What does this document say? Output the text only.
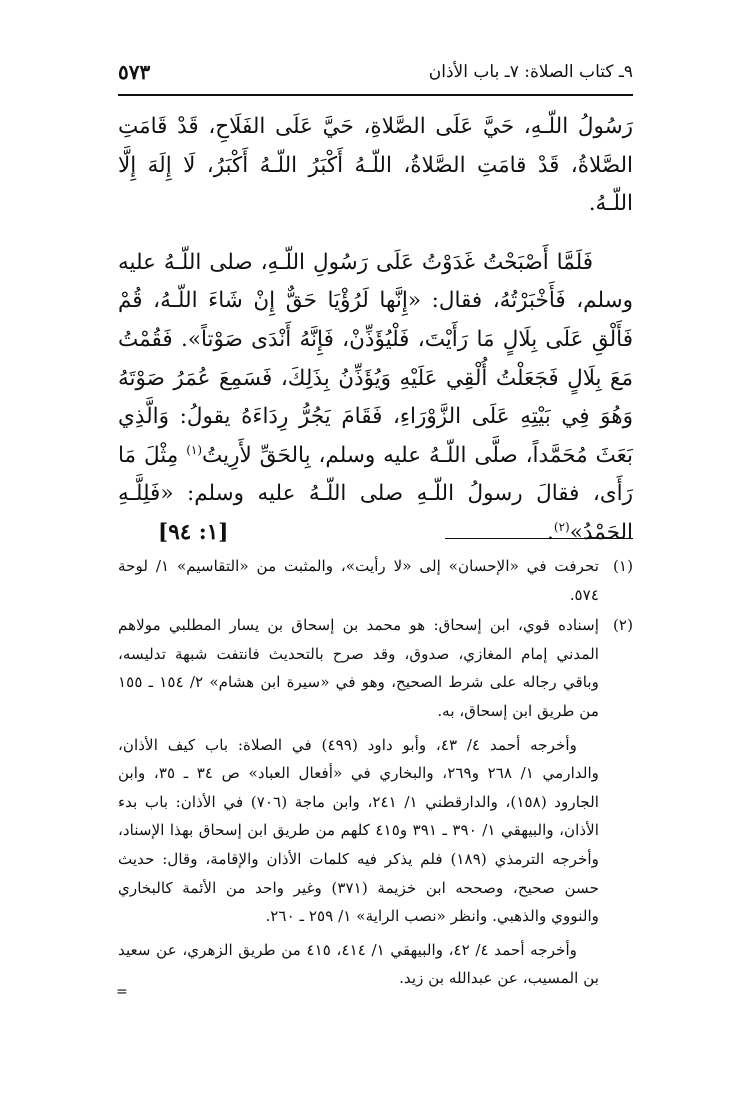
٩ـ كتاب الصلاة: ٧ـ باب الأذان
٥٧٣

رَسُولُ اللّـهِ، حَيَّ عَلَى الصَّلاةِ، حَيَّ عَلَى الفَلَاحِ، قَدْ قَامَتِ الصَّلاةُ، قَدْ قامَتِ الصَّلاةُ، اللّـهُ أَكْبَرُ اللّـهُ أَكْبَرُ، لَا إِلَهَ إِلَّا اللّـهُ.

فَلَمَّا أَصْبَحْتُ غَدَوْتُ عَلَى رَسُولِ اللّـهِ، صلى اللّـهُ عليه وسلم، فَأَخْبَرْتُهُ، فقال: «إِنَّها لَرُؤْيَا حَقٌّ إِنْ شَاءَ اللّـهُ، قُمْ فَأَلْقِ عَلَى بِلَالٍ مَا رَأَيْتَ، فَلْيُؤَذِّنْ، فَإِنَّهُ أَنْدَى صَوْتاً». فَقُمْتُ مَعَ بِلَالٍ فَجَعَلْتُ أُلْقِي عَلَيْهِ وَيُؤَذِّنُ بِذَلِكَ، فَسَمِعَ عُمَرُ صَوْتَهُ وَهُوَ فِي بَيْتِهِ عَلَى الزَّوْرَاءِ، فَقَامَ يَجُرُّ رِدَاءَهُ يقولُ: وَالَّذِي بَعَثَ مُحَمَّداً، صلَّى اللّـهُ عليه وسلم، بِالحَقِّ لأَرِيتُ$^{(١)}$ مِثْلَ مَا رَأَى، فقالَ رسولُ اللّـهِ صلى اللّـهُ عليه وسلم: «فَلِلَّـهِ الحَمْدُ»$^{(٢)}$.
[١: ٩٤]

(١)

تحرفت في «الإحسان» إلى «لا رأيت»، والمثبت من «التقاسيم» ١/ لوحة ٥٧٤.

(٢)

إسناده قوي، ابن إسحاق: هو محمد بن إسحاق بن يسار المطلبي مولاهم المدني إمام المغازي، صدوق، وقد صرح بالتحديث فانتفت شبهة تدليسه، وباقي رجاله على شرط الصحيح، وهو في «سيرة ابن هشام» ٢/ ١٥٤ ـ ١٥٥ من طريق ابن إسحاق، به.

وأخرجه أحمد ٤/ ٤٣، وأبو داود (٤٩٩) في الصلاة: باب كيف الأذان، والدارمي ١/ ٢٦٨ و٢٦٩، والبخاري في «أفعال العباد» ص ٣٤ ـ ٣٥، وابن الجارود (١٥٨)، والدارقطني ١/ ٢٤١، وابن ماجة (٧٠٦) في الأذان: باب بدء الأذان، والبيهقي ١/ ٣٩٠ ـ ٣٩١ و٤١٥ كلهم من طريق ابن إسحاق بهذا الإسناد، وأخرجه الترمذي (١٨٩) فلم يذكر فيه كلمات الأذان والإقامة، وقال: حديث حسن صحيح، وصححه ابن خزيمة (٣٧١) وغير واحد من الأئمة كالبخاري والنووي والذهبي. وانظر «نصب الراية» ١/ ٢٥٩ ـ ٢٦٠.

وأخرجه أحمد ٤/ ٤٢، والبيهقي ١/ ٤١٤، ٤١٥ من طريق الزهري، عن سعيد بن المسيب، عن عبدالله بن زيد.

=
